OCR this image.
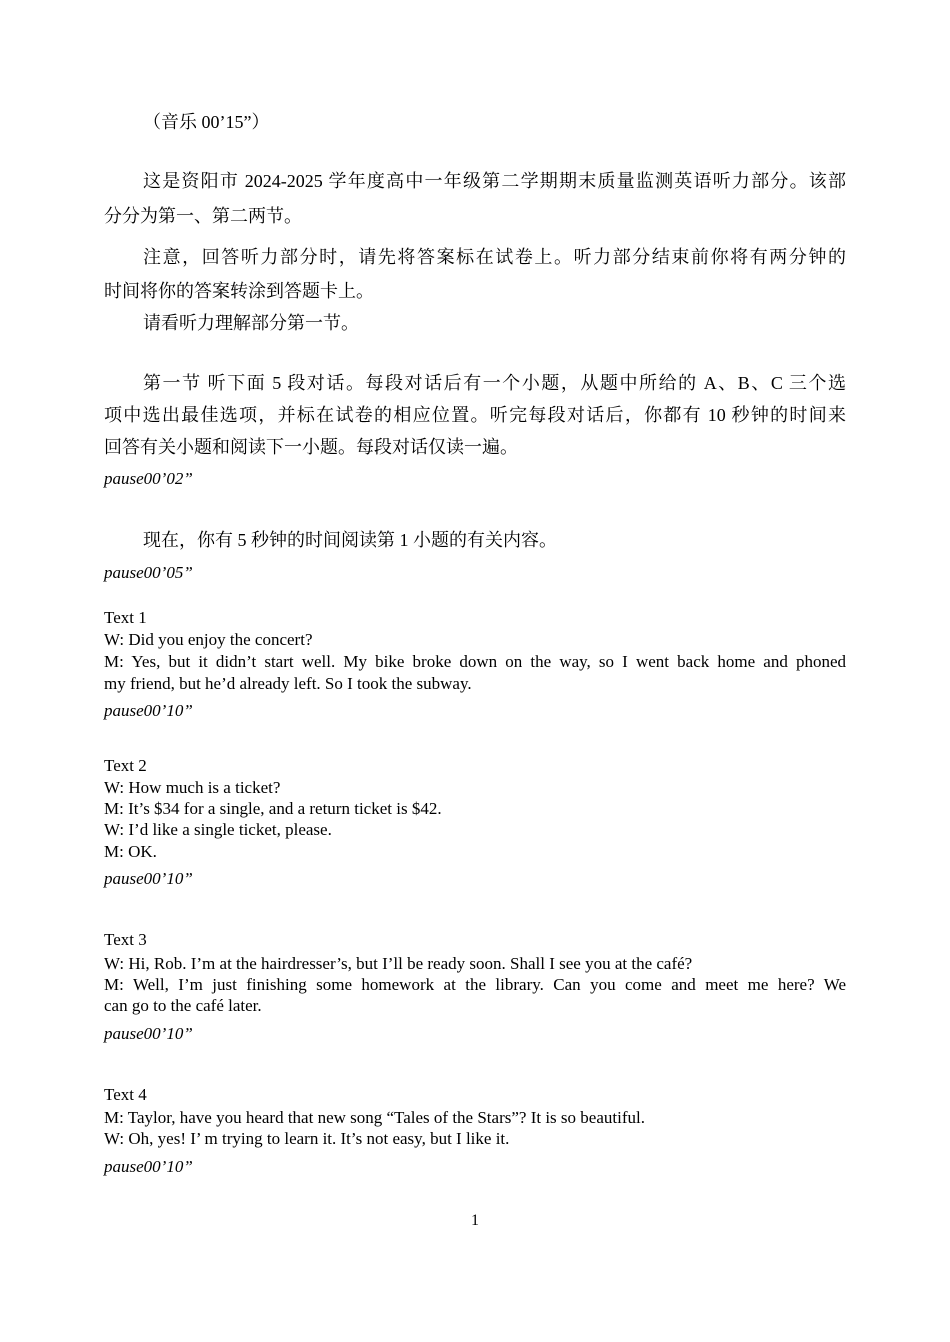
（音乐 00’15”）
这是资阳市 2024-2025 学年度高中一年级第二学期期末质量监测英语听力部分。该部
分分为第一、第二两节。
注意，回答听力部分时，请先将答案标在试卷上。听力部分结束前你将有两分钟的
时间将你的答案转涂到答题卡上。
请看听力理解部分第一节。
第一节 听下面 5 段对话。每段对话后有一个小题，从题中所给的 A、B、C 三个选
项中选出最佳选项，并标在试卷的相应位置。听完每段对话后，你都有 10 秒钟的时间来
回答有关小题和阅读下一小题。每段对话仅读一遍。
pause00’02”
现在，你有 5 秒钟的时间阅读第 1 小题的有关内容。
pause00’05”
Text 1
W: Did you enjoy the concert?
M: Yes, but it didn’t start well. My bike broke down on the way, so I went back home and phoned
my friend, but he’d already left. So I took the subway.
pause00’10”
Text 2
W: How much is a ticket?
M: It’s $34 for a single, and a return ticket is $42.
W: I’d like a single ticket, please.
M: OK.
pause00’10”
Text 3
W: Hi, Rob. I’m at the hairdresser’s, but I’ll be ready soon. Shall I see you at the café?
M: Well, I’m just finishing some homework at the library. Can you come and meet me here? We
can go to the café later.
pause00’10”
Text 4
M: Taylor, have you heard that new song “Tales of the Stars”? It is so beautiful.
W: Oh, yes! I’ m trying to learn it. It’s not easy, but I like it.
pause00’10”
1
